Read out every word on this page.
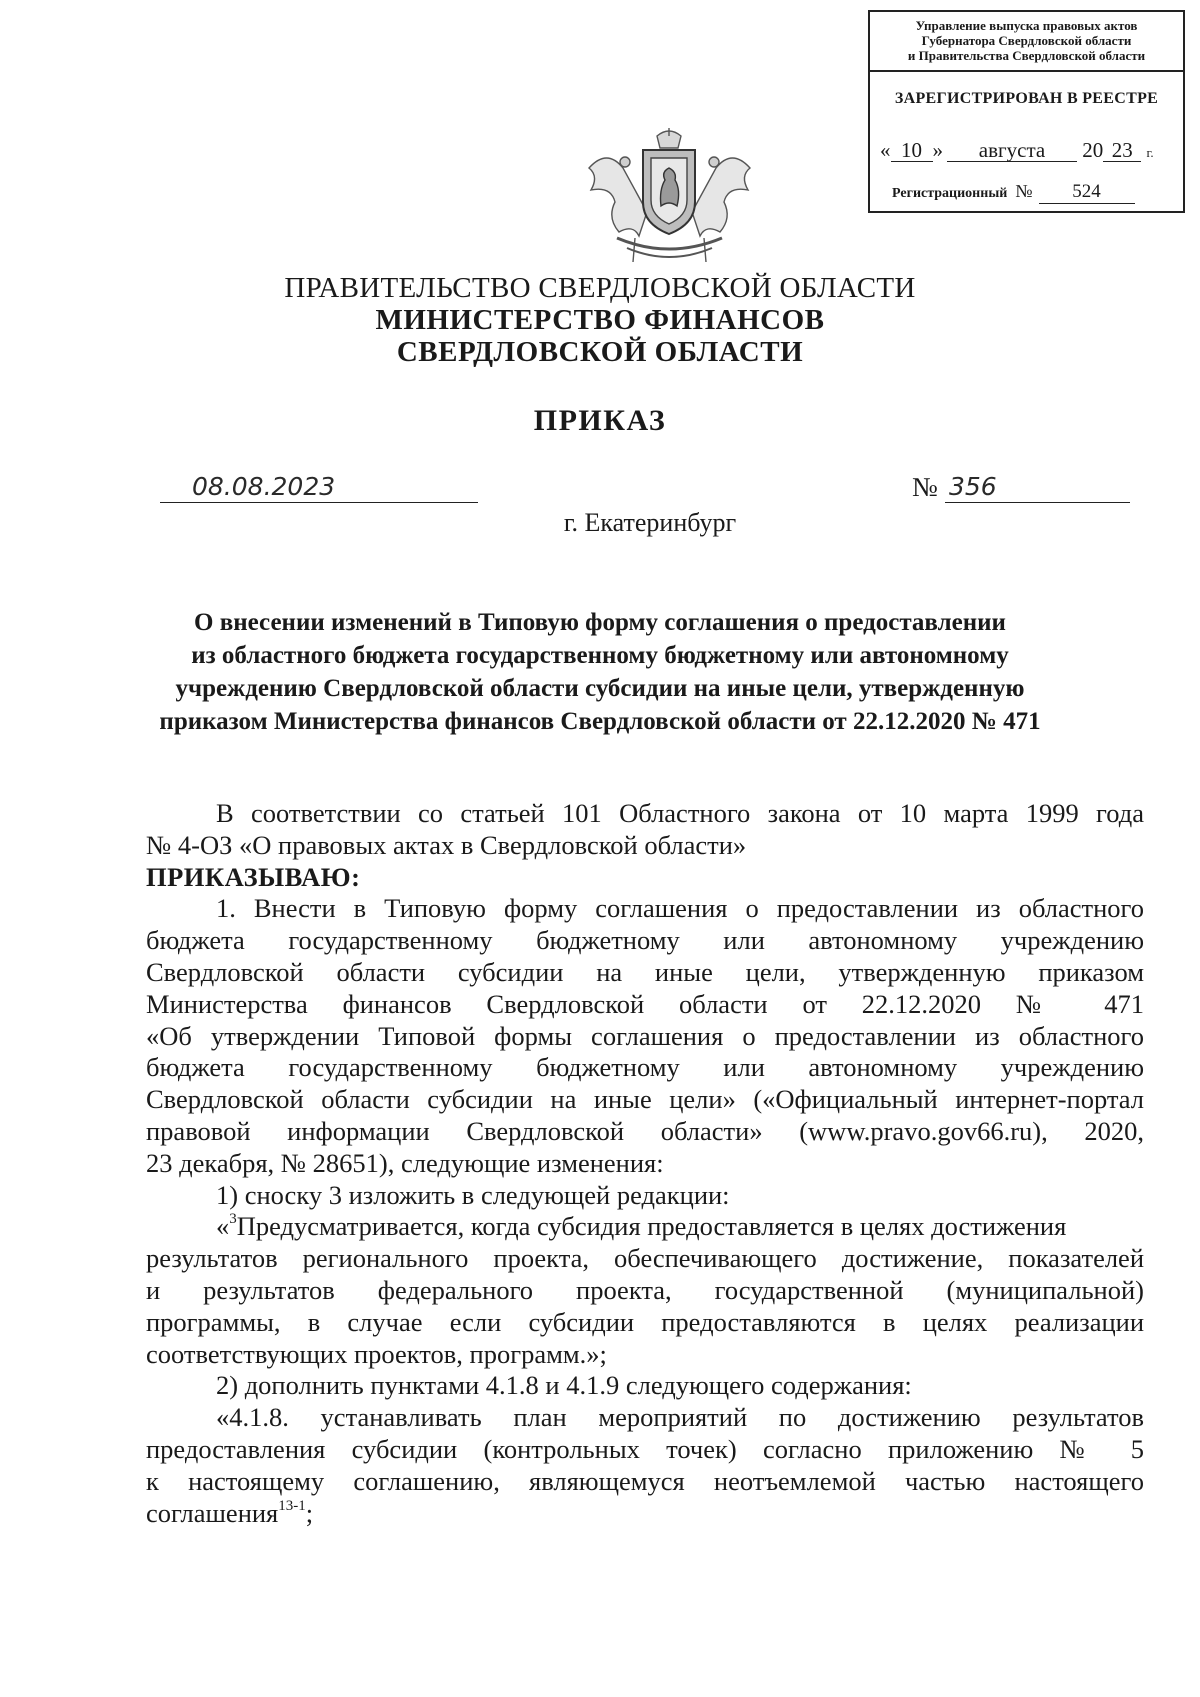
Управление выпуска правовых актов
Губернатора Свердловской области
и Правительства Свердловской области
ЗАРЕГИСТРИРОВАН В РЕЕСТРЕ
« 10 » августа 20 23 г.
Регистрационный № 524
ПРАВИТЕЛЬСТВО СВЕРДЛОВСКОЙ ОБЛАСТИ
МИНИСТЕРСТВО ФИНАНСОВ
СВЕРДЛОВСКОЙ ОБЛАСТИ
ПРИКАЗ
08.08.2023	№ 356
г. Екатеринбург
О внесении изменений в Типовую форму соглашения о предоставлении
из областного бюджета государственному бюджетному или автономному
учреждению Свердловской области субсидии на иные цели, утвержденную
приказом Министерства финансов Свердловской области от 22.12.2020 № 471
В соответствии со статьей 101 Областного закона от 10 марта 1999 года
№ 4-ОЗ «О правовых актах в Свердловской области»
ПРИКАЗЫВАЮ:
1. Внести в Типовую форму соглашения о предоставлении из областного
бюджета государственному бюджетному или автономному учреждению
Свердловской области субсидии на иные цели, утвержденную приказом
Министерства финансов Свердловской области от 22.12.2020 № 471
«Об утверждении Типовой формы соглашения о предоставлении из областного
бюджета государственному бюджетному или автономному учреждению
Свердловской области субсидии на иные цели» («Официальный интернет-портал
правовой информации Свердловской области» (www.pravo.gov66.ru), 2020,
23 декабря, № 28651), следующие изменения:
1) сноску 3 изложить в следующей редакции:
«$^3$Предусматривается, когда субсидия предоставляется в целях достижения
результатов регионального проекта, обеспечивающего достижение, показателей
и результатов федерального проекта, государственной (муниципальной)
программы, в случае если субсидии предоставляются в целях реализации
соответствующих проектов, программ.»;
2) дополнить пунктами 4.1.8 и 4.1.9 следующего содержания:
«4.1.8. устанавливать план мероприятий по достижению результатов
предоставления субсидии (контрольных точек) согласно приложению № 5
к настоящему соглашению, являющемуся неотъемлемой частью настоящего
соглашения$^{13-1}$;
